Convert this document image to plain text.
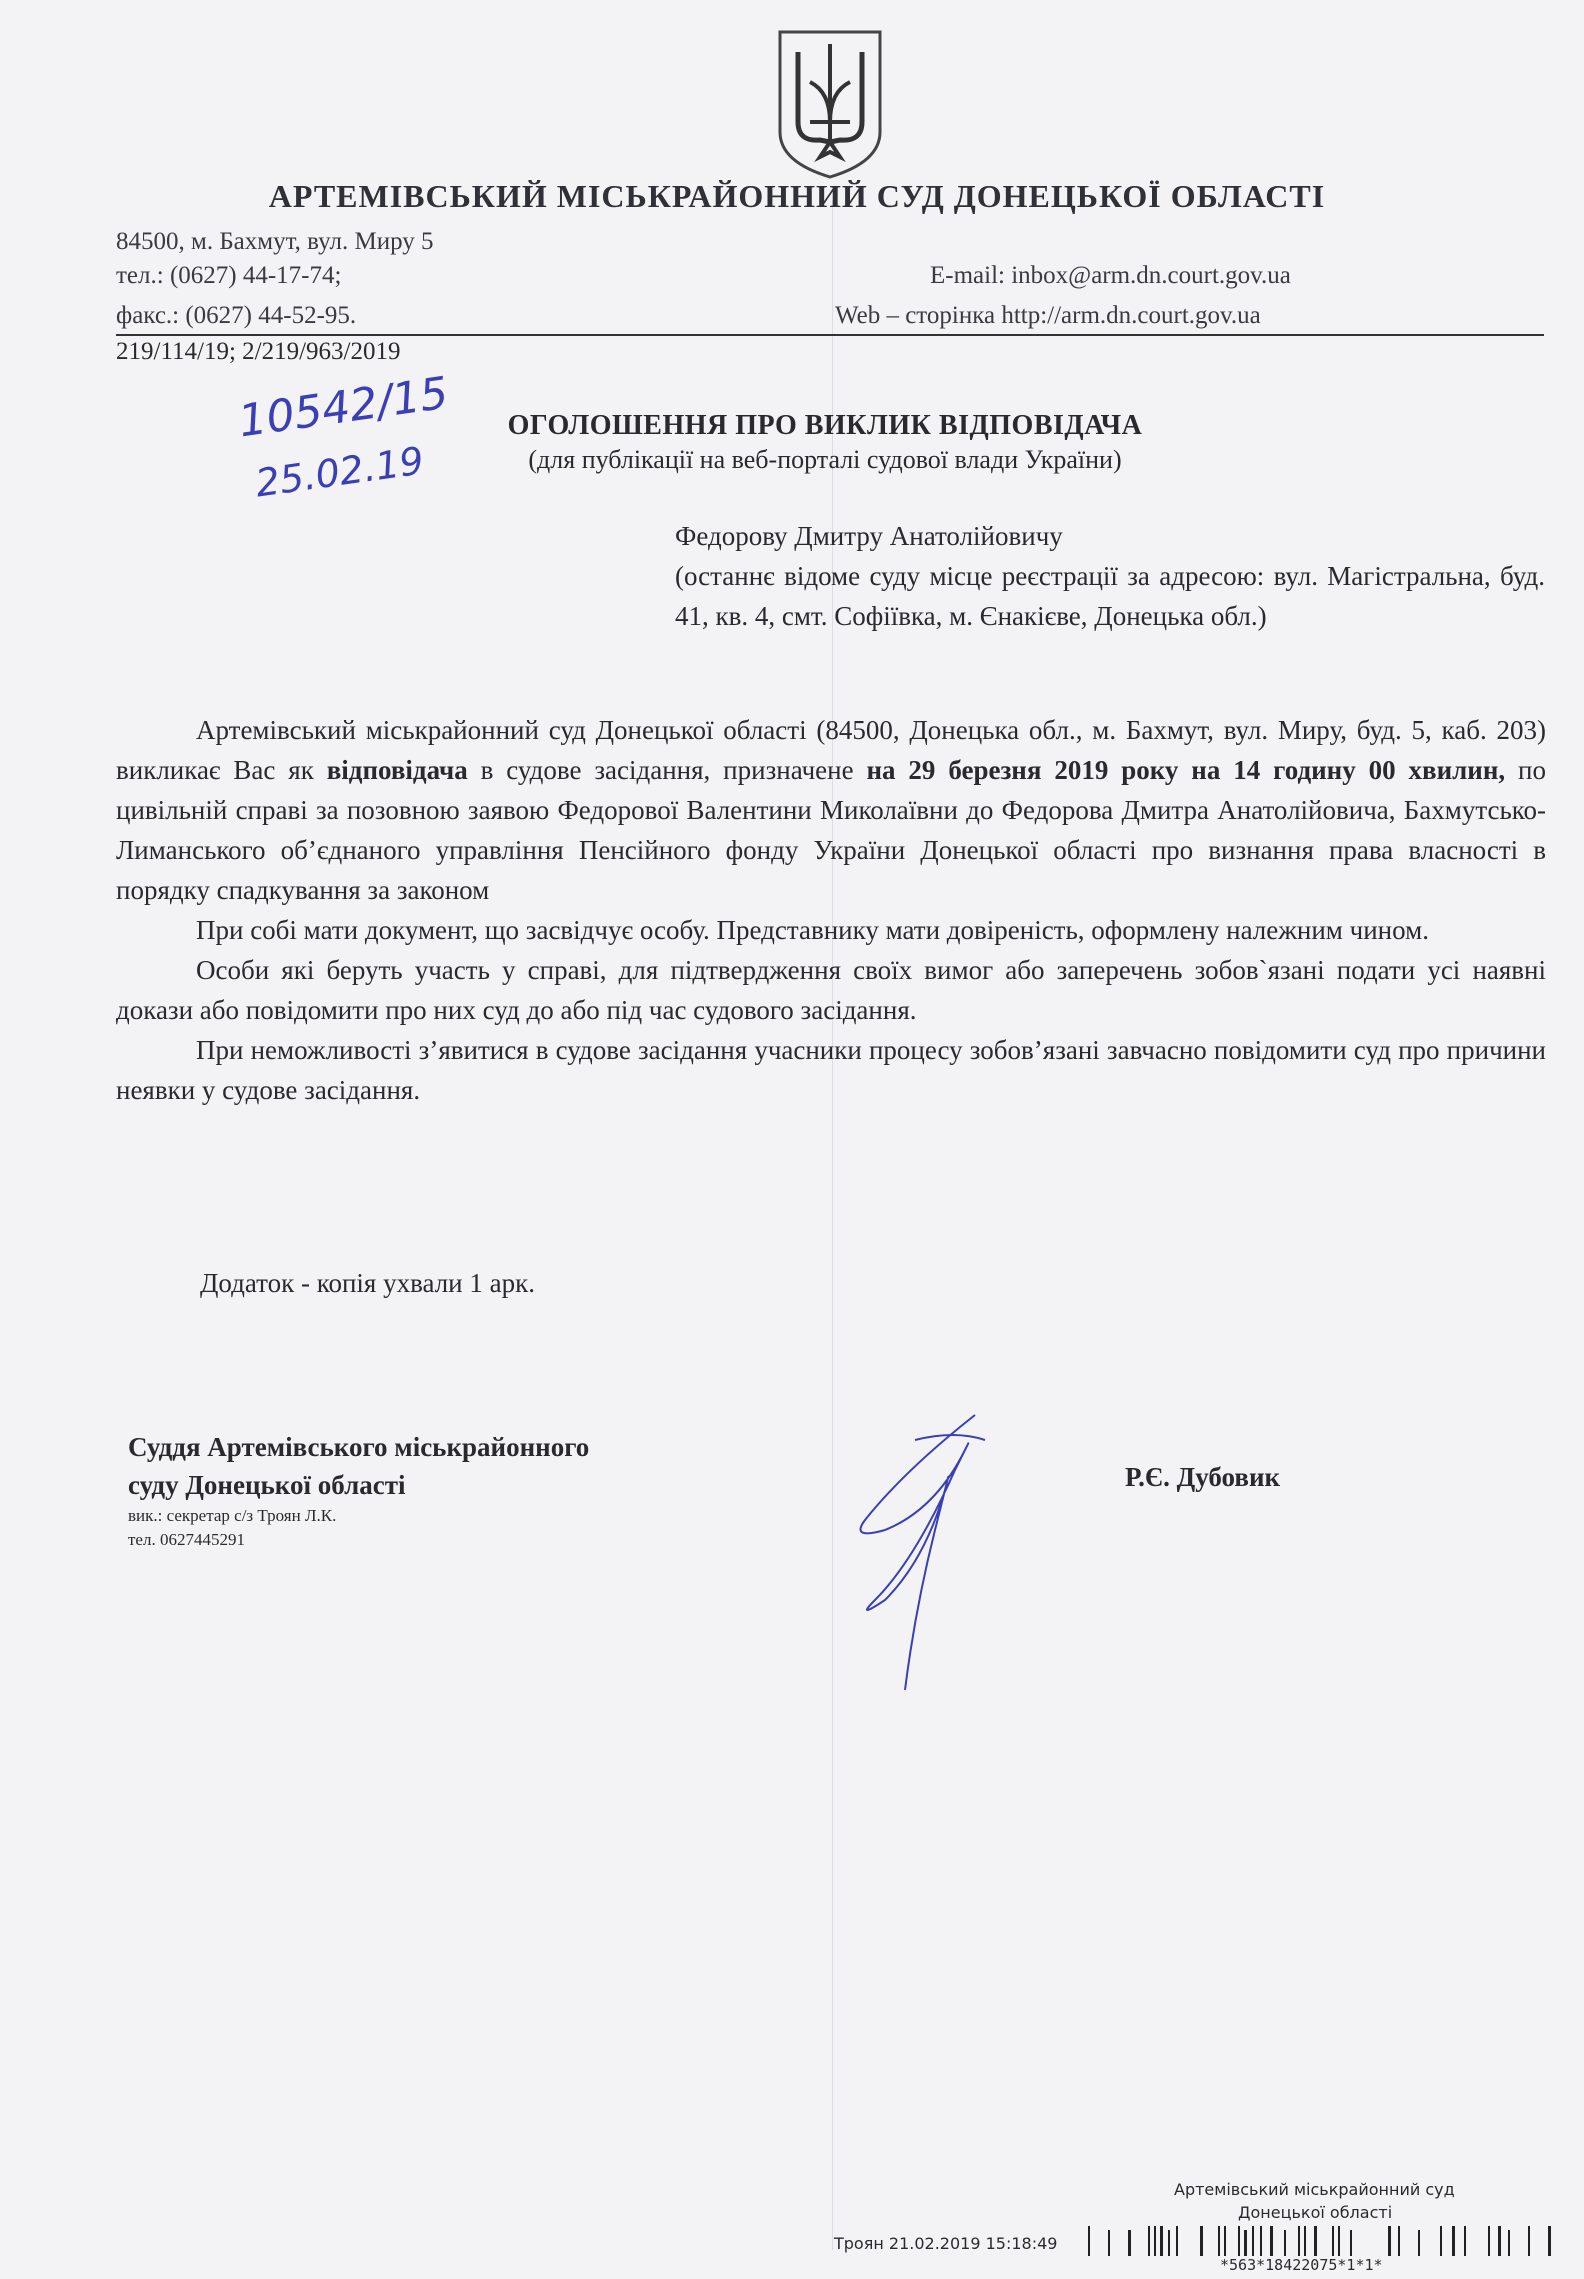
АРТЕМІВСЬКИЙ МІСЬКРАЙОННИЙ СУД ДОНЕЦЬКОЇ ОБЛАСТІ
84500, м. Бахмут, вул. Миру 5
тел.: (0627) 44-17-74;
факс.: (0627) 44-52-95.
E-mail: inbox@arm.dn.court.gov.ua
Web – сторінка http://arm.dn.court.gov.ua
219/114/19; 2/219/963/2019
10542/15
25.02.19
ОГОЛОШЕННЯ ПРО ВИКЛИК ВІДПОВІДАЧА
(для публікації на веб-порталі судової влади України)
Федорову Дмитру Анатолійовичу
(останнє відоме суду місце реєстрації за адресою: вул. Магістральна, буд. 41, кв. 4, смт. Софіївка, м. Єнакієве, Донецька обл.)

Артемівський міськрайонний суд Донецької області (84500, Донецька обл., м. Бахмут, вул. Миру, буд. 5, каб. 203) викликає Вас як відповідача в судове засідання, призначене на 29 березня 2019 року на 14 годину 00 хвилин, по цивільній справі за позовною заявою Федорової Валентини Миколаївни до Федорова Дмитра Анатолійовича, Бахмутсько-Лиманського об’єднаного управління Пенсійного фонду України Донецької області про визнання права власності в порядку спадкування за законом

При собі мати документ, що засвідчує особу. Представнику мати довіреність, оформлену належним чином.

Особи які беруть участь у справі, для підтвердження своїх вимог або заперечень зобов`язані подати усі наявні докази або повідомити про них суд до або під час судового засідання.

При неможливості з’явитися в судове засідання учасники процесу зобов’язані завчасно повідомити суд про причини неявки у судове засідання.

Додаток - копія ухвали 1 арк.
Суддя Артемівського міськрайонного
суду Донецької області
вик.: секретар с/з Троян Л.К.
тел. 0627445291
Р.Є. Дубовик
Артемівський міськрайонний суд
Донецької області
Троян 21.02.2019 15:18:49
*563*18422075*1*1*
